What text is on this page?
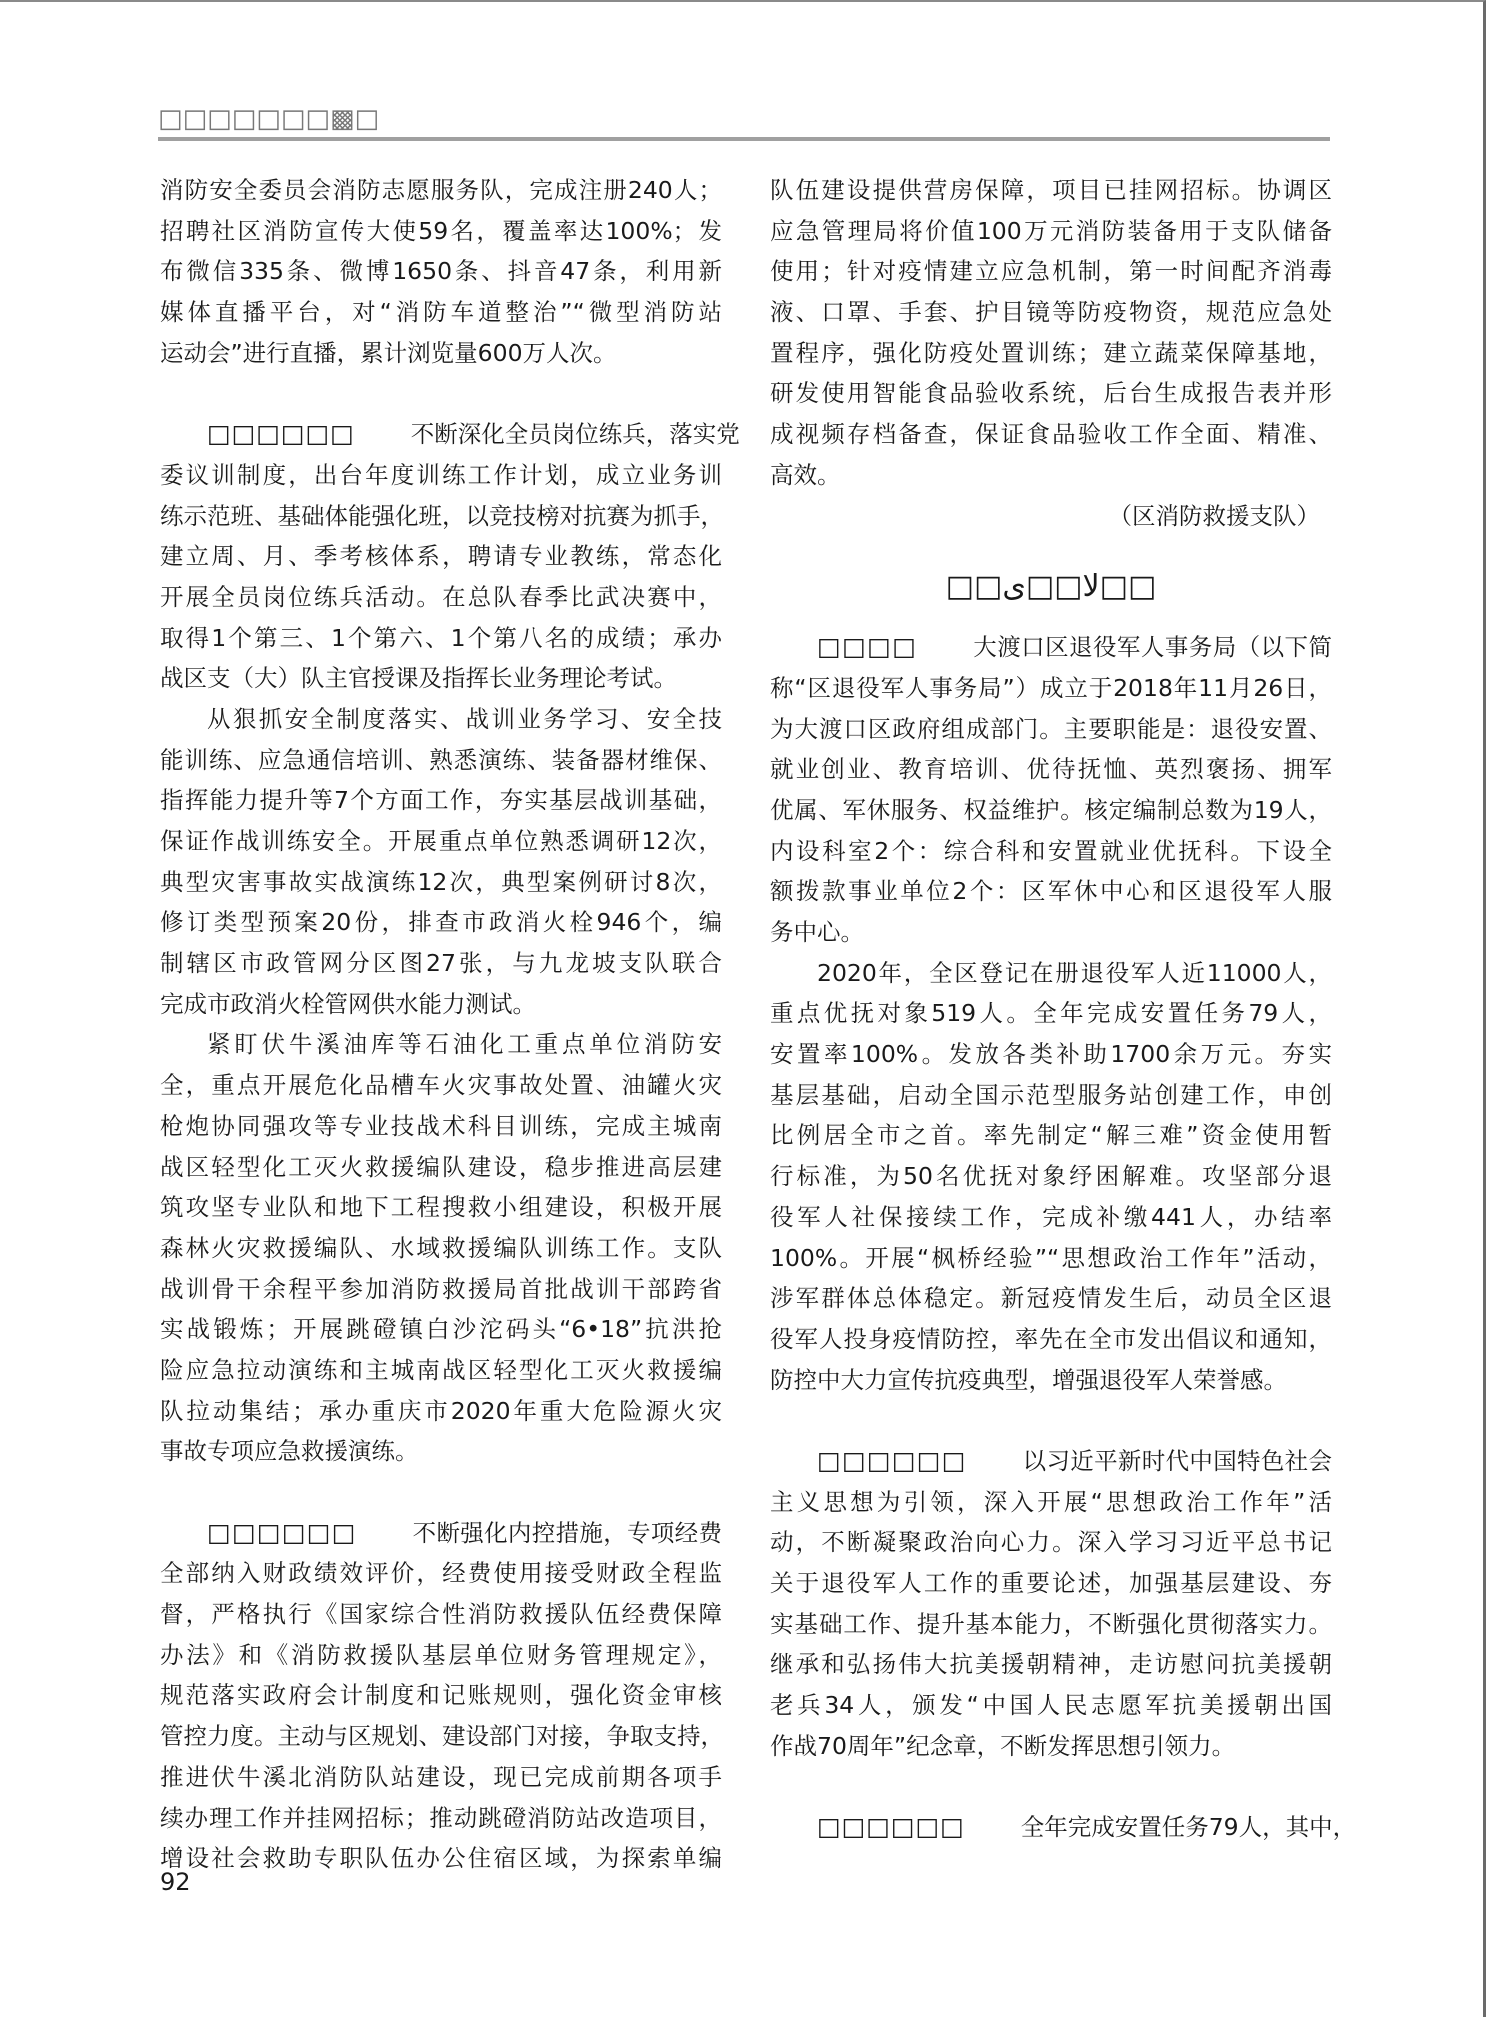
□□□□□□□▩□
消防安全委员会消防志愿服务队，完成注册240人；
招聘社区消防宣传大使59名，覆盖率达100%；发
布微信335条、微博1650条、抖音47条，利用新
媒体直播平台，对“消防车道整治”“微型消防站
运动会”进行直播，累计浏览量600万人次。
□□□□□□ 不断深化全员岗位练兵，落实党
委议训制度，出台年度训练工作计划，成立业务训
练示范班、基础体能强化班，以竞技榜对抗赛为抓手，
建立周、月、季考核体系，聘请专业教练，常态化
开展全员岗位练兵活动。在总队春季比武决赛中，
取得1个第三、1个第六、1个第八名的成绩；承办
战区支（大）队主官授课及指挥长业务理论考试。
从狠抓安全制度落实、战训业务学习、安全技
能训练、应急通信培训、熟悉演练、装备器材维保、
指挥能力提升等7个方面工作，夯实基层战训基础，
保证作战训练安全。开展重点单位熟悉调研12次，
典型灾害事故实战演练12次，典型案例研讨8次，
修订类型预案20份，排查市政消火栓946个，编
制辖区市政管网分区图27张，与九龙坡支队联合
完成市政消火栓管网供水能力测试。
紧盯伏牛溪油库等石油化工重点单位消防安
全，重点开展危化品槽车火灾事故处置、油罐火灾
枪炮协同强攻等专业技战术科目训练，完成主城南
战区轻型化工灭火救援编队建设，稳步推进高层建
筑攻坚专业队和地下工程搜救小组建设，积极开展
森林火灾救援编队、水域救援编队训练工作。支队
战训骨干余程平参加消防救援局首批战训干部跨省
实战锻炼；开展跳磴镇白沙沱码头“6•18”抗洪抢
险应急拉动演练和主城南战区轻型化工灭火救援编
队拉动集结；承办重庆市2020年重大危险源火灾
事故专项应急救援演练。
□□□□□□ 不断强化内控措施，专项经费
全部纳入财政绩效评价，经费使用接受财政全程监
督，严格执行《国家综合性消防救援队伍经费保障
办法》和《消防救援队基层单位财务管理规定》，
规范落实政府会计制度和记账规则，强化资金审核
管控力度。主动与区规划、建设部门对接，争取支持，
推进伏牛溪北消防队站建设，现已完成前期各项手
续办理工作并挂网招标；推动跳磴消防站改造项目，
增设社会救助专职队伍办公住宿区域，为探索单编
队伍建设提供营房保障，项目已挂网招标。协调区
应急管理局将价值100万元消防装备用于支队储备
使用；针对疫情建立应急机制，第一时间配齐消毒
液、口罩、手套、护目镜等防疫物资，规范应急处
置程序，强化防疫处置训练；建立蔬菜保障基地，
研发使用智能食品验收系统，后台生成报告表并形
成视频存档备查，保证食品验收工作全面、精准、
高效。
（区消防救援支队）
□□لا□□ى□□
□□□□ 大渡口区退役军人事务局（以下简
称“区退役军人事务局”）成立于2018年11月26日，
为大渡口区政府组成部门。主要职能是：退役安置、
就业创业、教育培训、优待抚恤、英烈褒扬、拥军
优属、军休服务、权益维护。核定编制总数为19人，
内设科室2个：综合科和安置就业优抚科。下设全
额拨款事业单位2个：区军休中心和区退役军人服
务中心。
2020年，全区登记在册退役军人近11000人，
重点优抚对象519人。全年完成安置任务79人，
安置率100%。发放各类补助1700余万元。夯实
基层基础，启动全国示范型服务站创建工作，申创
比例居全市之首。率先制定“解三难”资金使用暂
行标准，为50名优抚对象纾困解难。攻坚部分退
役军人社保接续工作，完成补缴441人，办结率
100%。开展“枫桥经验”“思想政治工作年”活动，
涉军群体总体稳定。新冠疫情发生后，动员全区退
役军人投身疫情防控，率先在全市发出倡议和通知，
防控中大力宣传抗疫典型，增强退役军人荣誉感。
□□□□□□ 以习近平新时代中国特色社会
主义思想为引领，深入开展“思想政治工作年”活
动，不断凝聚政治向心力。深入学习习近平总书记
关于退役军人工作的重要论述，加强基层建设、夯
实基础工作、提升基本能力，不断强化贯彻落实力。
继承和弘扬伟大抗美援朝精神，走访慰问抗美援朝
老兵34人，颁发“中国人民志愿军抗美援朝出国
作战70周年”纪念章，不断发挥思想引领力。
□□□□□□ 全年完成安置任务79人，其中，
92
